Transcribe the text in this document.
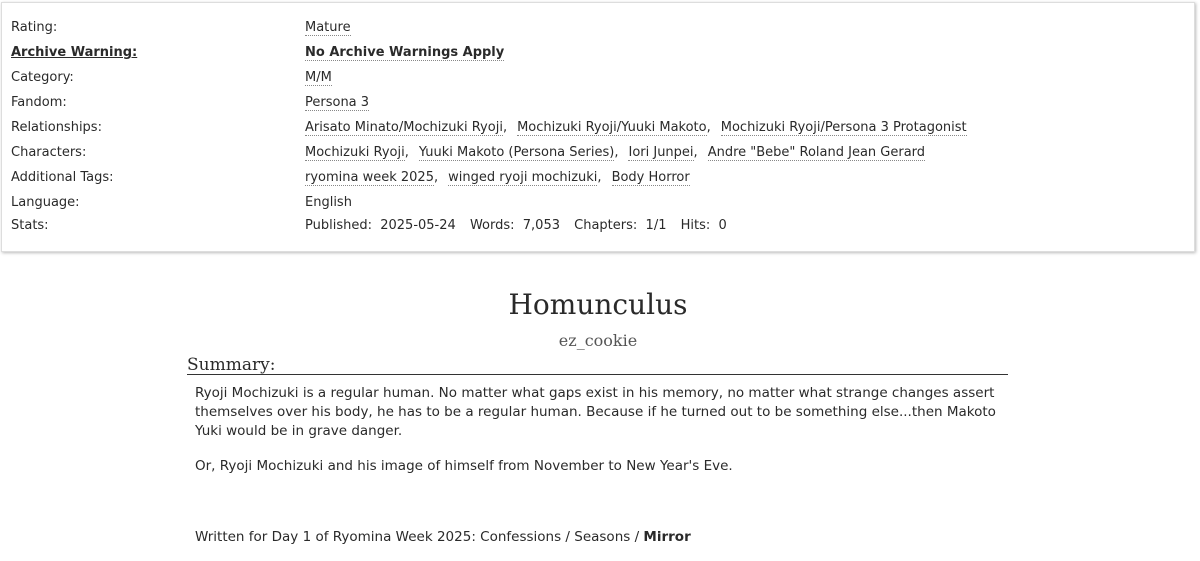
Rating:	Mature
Archive Warning:	No Archive Warnings Apply
Category:	M/M
Fandom:	Persona 3
Relationships:	Arisato Minato/Mochizuki Ryoji, Mochizuki Ryoji/Yuuki Makoto, Mochizuki Ryoji/Persona 3 Protagonist
Characters:	Mochizuki Ryoji, Yuuki Makoto (Persona Series), Iori Junpei, Andre "Bebe" Roland Jean Gerard
Additional Tags:	ryomina week 2025, winged ryoji mochizuki, Body Horror
Language:	English
Stats:	Published: 2025-05-24 Words: 7,053 Chapters: 1/1 Hits: 0
Homunculus
ez_cookie
Summary:

Ryoji Mochizuki is a regular human. No matter what gaps exist in his memory, no matter what strange changes assert themselves over his body, he has to be a regular human. Because if he turned out to be something else...then Makoto Yuki would be in grave danger.

Or, Ryoji Mochizuki and his image of himself from November to New Year's Eve.

Written for Day 1 of Ryomina Week 2025: Confessions / Seasons / Mirror
